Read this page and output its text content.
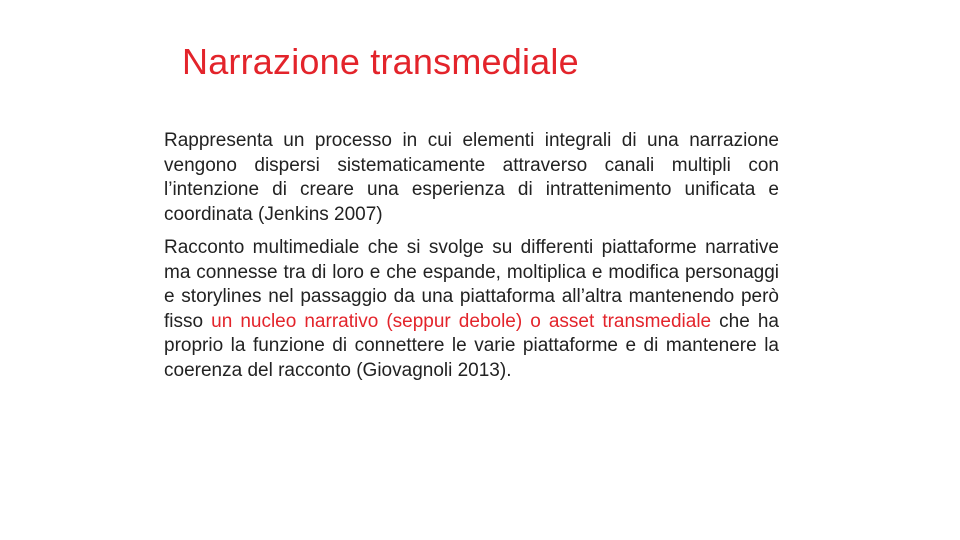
Narrazione transmediale

Rappresenta un processo in cui elementi integrali di una narrazione vengono dispersi sistematicamente attraverso canali multipli con l’intenzione di creare una esperienza di intrattenimento unificata e coordinata (Jenkins 2007)

Racconto multimediale che si svolge su differenti piattaforme narrative ma connesse tra di loro e che espande, moltiplica e modifica personaggi e storylines nel passaggio da una piattaforma all’altra mantenendo però fisso un nucleo narrativo (seppur debole) o asset transmediale che ha proprio la funzione di connettere le varie piattaforme e di mantenere la coerenza del racconto (Giovagnoli 2013).
